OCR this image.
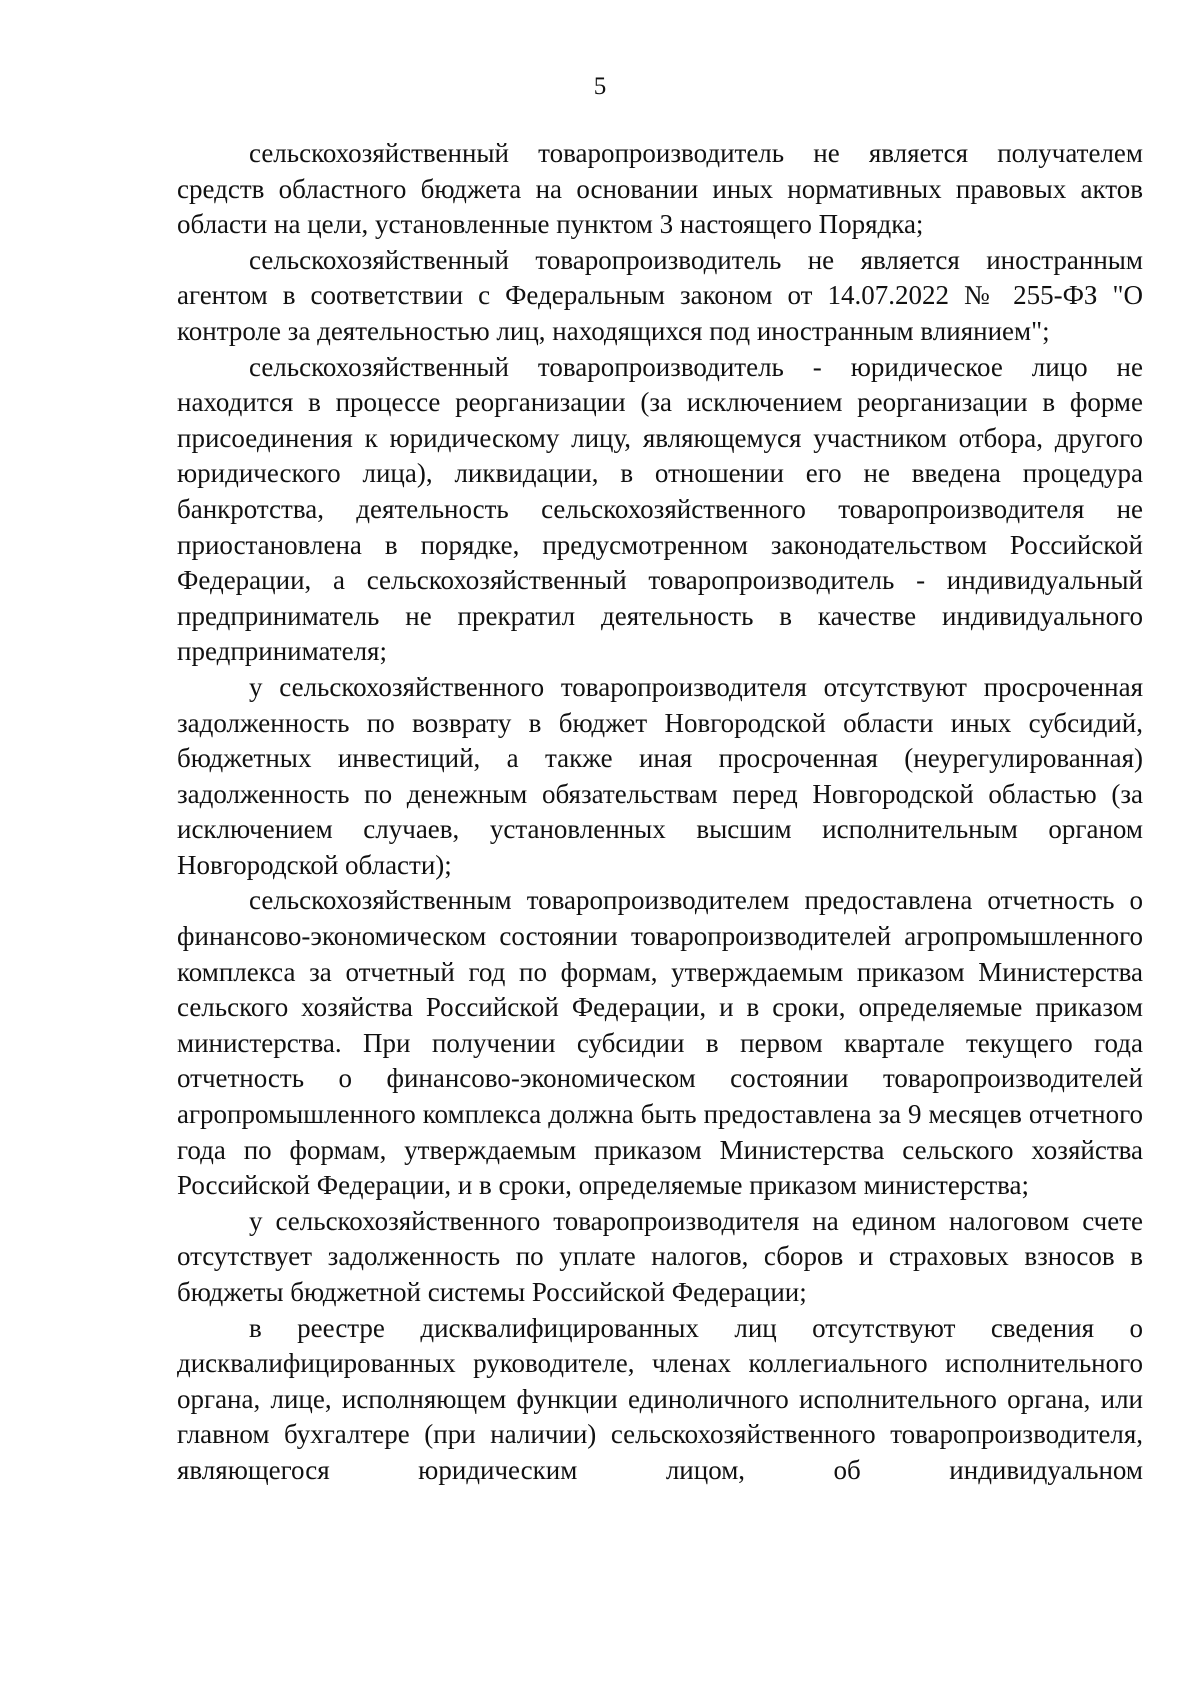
5

сельскохозяйственный товаропроизводитель не является получателем средств областного бюджета на основании иных нормативных правовых актов области на цели, установленные пунктом 3 настоящего Порядка;

сельскохозяйственный товаропроизводитель не является иностранным агентом в соответствии с Федеральным законом от 14.07.2022 № 255-ФЗ "О контроле за деятельностью лиц, находящихся под иностранным влиянием";

сельскохозяйственный товаропроизводитель - юридическое лицо не находится в процессе реорганизации (за исключением реорганизации в форме присоединения к юридическому лицу, являющемуся участником отбора, другого юридического лица), ликвидации, в отношении его не введена процедура банкротства, деятельность сельскохозяйственного товаропроизводителя не приостановлена в порядке, предусмотренном законодательством Российской Федерации, а сельскохозяйственный товаропроизводитель - индивидуальный предприниматель не прекратил деятельность в качестве индивидуального предпринимателя;

у сельскохозяйственного товаропроизводителя отсутствуют просроченная задолженность по возврату в бюджет Новгородской области иных субсидий, бюджетных инвестиций, а также иная просроченная (неурегулированная) задолженность по денежным обязательствам перед Новгородской областью (за исключением случаев, установленных высшим исполнительным органом Новгородской области);

сельскохозяйственным товаропроизводителем предоставлена отчетность о финансово-экономическом состоянии товаропроизводителей агропромышленного комплекса за отчетный год по формам, утверждаемым приказом Министерства сельского хозяйства Российской Федерации, и в сроки, определяемые приказом министерства. При получении субсидии в первом квартале текущего года отчетность о финансово-экономическом состоянии товаропроизводителей агропромышленного комплекса должна быть предоставлена за 9 месяцев отчетного года по формам, утверждаемым приказом Министерства сельского хозяйства Российской Федерации, и в сроки, определяемые приказом министерства;

у сельскохозяйственного товаропроизводителя на едином налоговом счете отсутствует задолженность по уплате налогов, сборов и страховых взносов в бюджеты бюджетной системы Российской Федерации;

в реестре дисквалифицированных лиц отсутствуют сведения о дисквалифицированных руководителе, членах коллегиального исполнительного органа, лице, исполняющем функции единоличного исполнительного органа, или главном бухгалтере (при наличии) сельскохозяйственного товаропроизводителя, являющегося юридическим лицом, об индивидуальном
